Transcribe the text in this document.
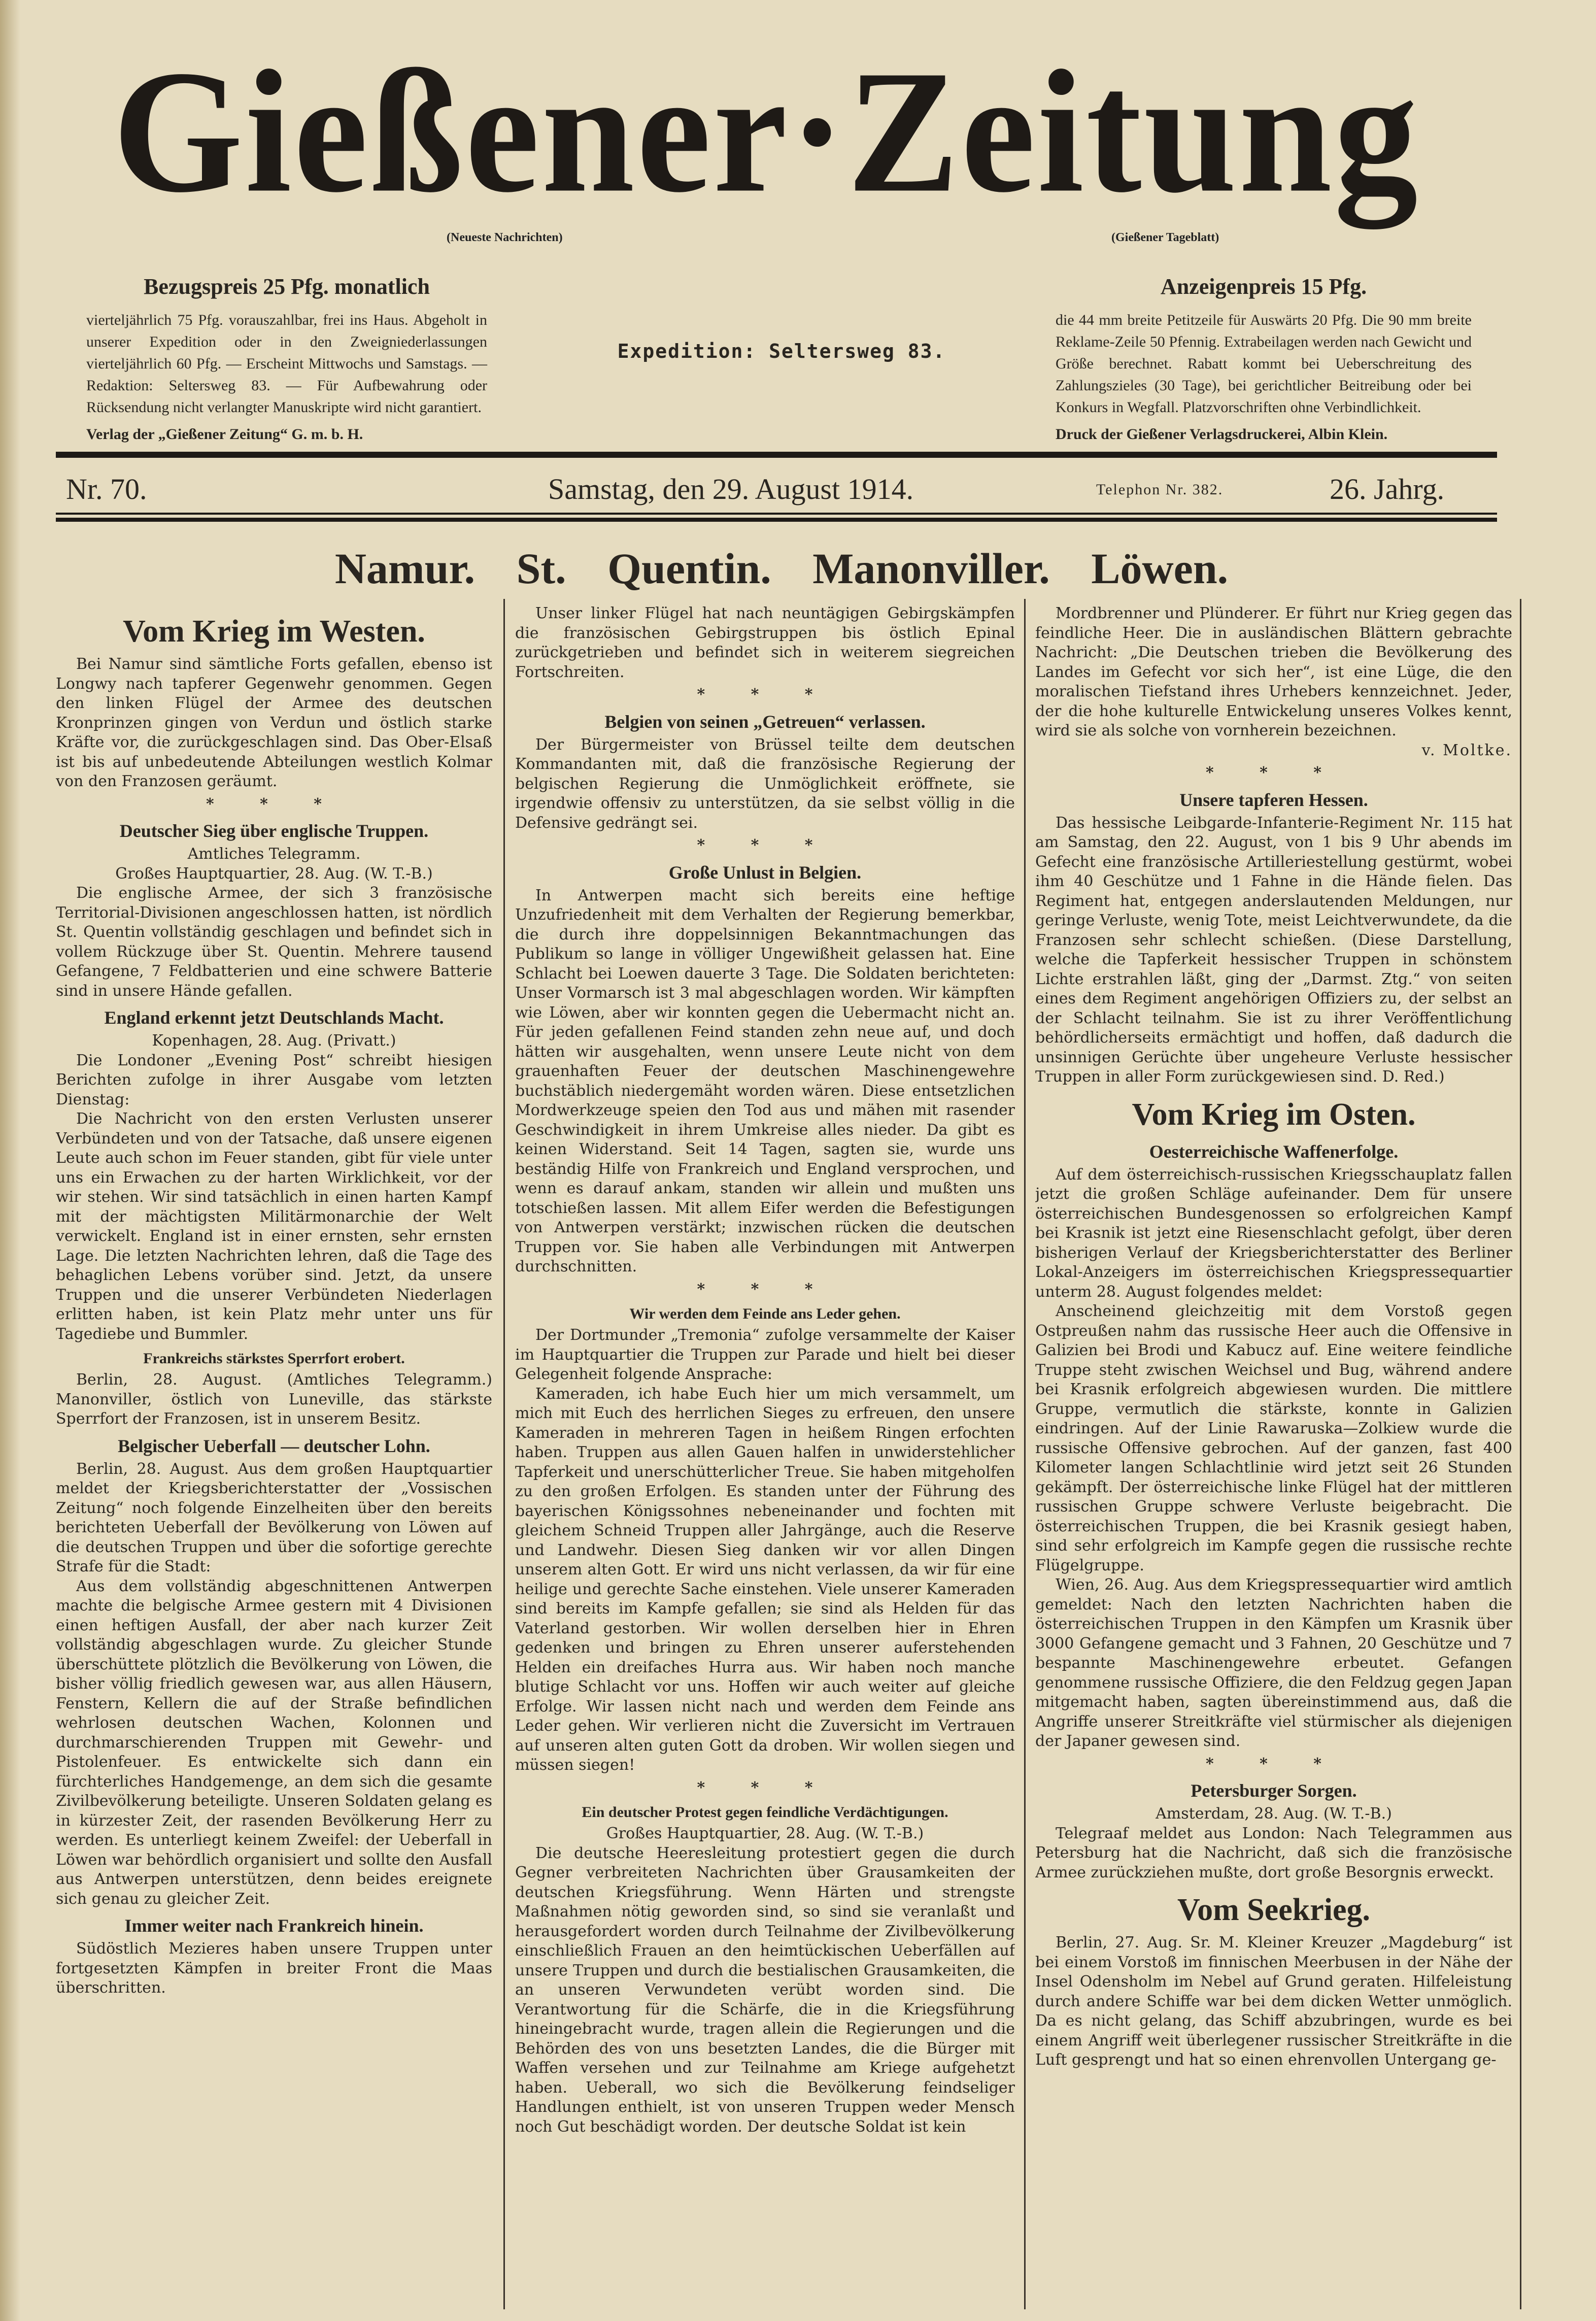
Gießener·Zeitung
(Neueste Nachrichten)	(Gießener Tageblatt)
Bezugspreis 25 Pfg. monatlich
vierteljährlich 75 Pfg. vorauszahlbar, frei ins Haus. Abgeholt in unserer Expedition oder in den Zweigniederlassungen vierteljährlich 60 Pfg. — Erscheint Mittwochs und Samstags. — Redaktion: Seltersweg 83. — Für Aufbewahrung oder Rücksendung nicht verlangter Manuskripte wird nicht garantiert.
Verlag der „Gießener Zeitung“ G. m. b. H.
Expedition: Seltersweg 83.
Anzeigenpreis 15 Pfg.
die 44 mm breite Petitzeile für Auswärts 20 Pfg. Die 90 mm breite Reklame-Zeile 50 Pfennig. Extrabeilagen werden nach Gewicht und Größe berechnet. Rabatt kommt bei Ueberschreitung des Zahlungszieles (30 Tage), bei gerichtlicher Beitreibung oder bei Konkurs in Wegfall. Platzvorschriften ohne Verbindlichkeit.
Druck der Gießener Verlagsdruckerei, Albin Klein.
Nr. 70.	Samstag, den 29. August 1914.	Telephon Nr. 382.	26. Jahrg.
Namur. St. Quentin. Manonviller. Löwen.
Vom Krieg im Westen.

Bei Namur sind sämtliche Forts gefallen, ebenso ist Longwy nach tapferer Gegenwehr genommen. Gegen den linken Flügel der Armee des deutschen Kronprinzen gingen von Verdun und östlich starke Kräfte vor, die zurückgeschlagen sind. Das Ober-Elsaß ist bis auf unbedeutende Abteilungen westlich Kolmar von den Franzosen geräumt.

* * *
Deutscher Sieg über englische Truppen.
Amtliches Telegramm.
Großes Hauptquartier, 28. Aug. (W. T.-B.)

Die englische Armee, der sich 3 französische Territorial-Divisionen angeschlossen hatten, ist nördlich St. Quentin vollständig geschlagen und befindet sich in vollem Rückzuge über St. Quentin. Mehrere tausend Gefangene, 7 Feldbatterien und eine schwere Batterie sind in unsere Hände gefallen.

England erkennt jetzt Deutschlands Macht.
Kopenhagen, 28. Aug. (Privatt.)

Die Londoner „Evening Post“ schreibt hiesigen Berichten zufolge in ihrer Ausgabe vom letzten Dienstag:

Die Nachricht von den ersten Verlusten unserer Verbündeten und von der Tatsache, daß unsere eigenen Leute auch schon im Feuer standen, gibt für viele unter uns ein Erwachen zu der harten Wirklichkeit, vor der wir stehen. Wir sind tatsächlich in einen harten Kampf mit der mächtigsten Militärmonarchie der Welt verwickelt. England ist in einer ernsten, sehr ernsten Lage. Die letzten Nachrichten lehren, daß die Tage des behaglichen Lebens vorüber sind. Jetzt, da unsere Truppen und die unserer Verbündeten Niederlagen erlitten haben, ist kein Platz mehr unter uns für Tagediebe und Bummler.

Frankreichs stärkstes Sperrfort erobert.

Berlin, 28. August. (Amtliches Telegramm.) Manonviller, östlich von Luneville, das stärkste Sperrfort der Franzosen, ist in unserem Besitz.

Belgischer Ueberfall — deutscher Lohn.

Berlin, 28. August. Aus dem großen Hauptquartier meldet der Kriegsberichterstatter der „Vossischen Zeitung“ noch folgende Einzelheiten über den bereits berichteten Ueberfall der Bevölkerung von Löwen auf die deutschen Truppen und über die sofortige gerechte Strafe für die Stadt:

Aus dem vollständig abgeschnittenen Antwerpen machte die belgische Armee gestern mit 4 Divisionen einen heftigen Ausfall, der aber nach kurzer Zeit vollständig abgeschlagen wurde. Zu gleicher Stunde überschüttete plötzlich die Bevölkerung von Löwen, die bisher völlig friedlich gewesen war, aus allen Häusern, Fenstern, Kellern die auf der Straße befindlichen wehrlosen deutschen Wachen, Kolonnen und durchmarschierenden Truppen mit Gewehr- und Pistolenfeuer. Es entwickelte sich dann ein fürchterliches Handgemenge, an dem sich die gesamte Zivilbevölkerung beteiligte. Unseren Soldaten gelang es in kürzester Zeit, der rasenden Bevölkerung Herr zu werden. Es unterliegt keinem Zweifel: der Ueberfall in Löwen war behördlich organisiert und sollte den Ausfall aus Antwerpen unterstützen, denn beides ereignete sich genau zu gleicher Zeit.

Immer weiter nach Frankreich hinein.

Südöstlich Mezieres haben unsere Truppen unter fortgesetzten Kämpfen in breiter Front die Maas überschritten.

Unser linker Flügel hat nach neuntägigen Gebirgskämpfen die französischen Gebirgstruppen bis östlich Epinal zurückgetrieben und befindet sich in weiterem siegreichen Fortschreiten.

* * *
Belgien von seinen „Getreuen“ verlassen.

Der Bürgermeister von Brüssel teilte dem deutschen Kommandanten mit, daß die französische Regierung der belgischen Regierung die Unmöglichkeit eröffnete, sie irgendwie offensiv zu unterstützen, da sie selbst völlig in die Defensive gedrängt sei.

* * *
Große Unlust in Belgien.

In Antwerpen macht sich bereits eine heftige Unzufriedenheit mit dem Verhalten der Regierung bemerkbar, die durch ihre doppelsinnigen Bekanntmachungen das Publikum so lange in völliger Ungewißheit gelassen hat. Eine Schlacht bei Loewen dauerte 3 Tage. Die Soldaten berichteten: Unser Vormarsch ist 3 mal abgeschlagen worden. Wir kämpften wie Löwen, aber wir konnten gegen die Uebermacht nicht an. Für jeden gefallenen Feind standen zehn neue auf, und doch hätten wir ausgehalten, wenn unsere Leute nicht von dem grauenhaften Feuer der deutschen Maschinengewehre buchstäblich niedergemäht worden wären. Diese entsetzlichen Mordwerkzeuge speien den Tod aus und mähen mit rasender Geschwindigkeit in ihrem Umkreise alles nieder. Da gibt es keinen Widerstand. Seit 14 Tagen, sagten sie, wurde uns beständig Hilfe von Frankreich und England versprochen, und wenn es darauf ankam, standen wir allein und mußten uns totschießen lassen. Mit allem Eifer werden die Befestigungen von Antwerpen verstärkt; inzwischen rücken die deutschen Truppen vor. Sie haben alle Verbindungen mit Antwerpen durchschnitten.

* * *
Wir werden dem Feinde ans Leder gehen.

Der Dortmunder „Tremonia“ zufolge versammelte der Kaiser im Hauptquartier die Truppen zur Parade und hielt bei dieser Gelegenheit folgende Ansprache:

Kameraden, ich habe Euch hier um mich versammelt, um mich mit Euch des herrlichen Sieges zu erfreuen, den unsere Kameraden in mehreren Tagen in heißem Ringen erfochten haben. Truppen aus allen Gauen halfen in unwiderstehlicher Tapferkeit und unerschütterlicher Treue. Sie haben mitgeholfen zu den großen Erfolgen. Es standen unter der Führung des bayerischen Königssohnes nebeneinander und fochten mit gleichem Schneid Truppen aller Jahrgänge, auch die Reserve und Landwehr. Diesen Sieg danken wir vor allen Dingen unserem alten Gott. Er wird uns nicht verlassen, da wir für eine heilige und gerechte Sache einstehen. Viele unserer Kameraden sind bereits im Kampfe gefallen; sie sind als Helden für das Vaterland gestorben. Wir wollen derselben hier in Ehren gedenken und bringen zu Ehren unserer auferstehenden Helden ein dreifaches Hurra aus. Wir haben noch manche blutige Schlacht vor uns. Hoffen wir auch weiter auf gleiche Erfolge. Wir lassen nicht nach und werden dem Feinde ans Leder gehen. Wir verlieren nicht die Zuversicht im Vertrauen auf unseren alten guten Gott da droben. Wir wollen siegen und müssen siegen!

* * *
Ein deutscher Protest gegen feindliche Verdächtigungen.
Großes Hauptquartier, 28. Aug. (W. T.-B.)

Die deutsche Heeresleitung protestiert gegen die durch Gegner verbreiteten Nachrichten über Grausamkeiten der deutschen Kriegsführung. Wenn Härten und strengste Maßnahmen nötig geworden sind, so sind sie veranlaßt und herausgefordert worden durch Teilnahme der Zivilbevölkerung einschließlich Frauen an den heimtückischen Ueberfällen auf unsere Truppen und durch die bestialischen Grausamkeiten, die an unseren Verwundeten verübt worden sind. Die Verantwortung für die Schärfe, die in die Kriegsführung hineingebracht wurde, tragen allein die Regierungen und die Behörden des von uns besetzten Landes, die die Bürger mit Waffen versehen und zur Teilnahme am Kriege aufgehetzt haben. Ueberall, wo sich die Bevölkerung feindseliger Handlungen enthielt, ist von unseren Truppen weder Mensch noch Gut beschädigt worden. Der deutsche Soldat ist kein

Mordbrenner und Plünderer. Er führt nur Krieg gegen das feindliche Heer. Die in ausländischen Blättern gebrachte Nachricht: „Die Deutschen trieben die Bevölkerung des Landes im Gefecht vor sich her“, ist eine Lüge, die den moralischen Tiefstand ihres Urhebers kennzeichnet. Jeder, der die hohe kulturelle Entwickelung unseres Volkes kennt, wird sie als solche von vornherein bezeichnen.

v. Moltke.
* * *
Unsere tapferen Hessen.

Das hessische Leibgarde-Infanterie-Regiment Nr. 115 hat am Samstag, den 22. August, von 1 bis 9 Uhr abends im Gefecht eine französische Artilleriestellung gestürmt, wobei ihm 40 Geschütze und 1 Fahne in die Hände fielen. Das Regiment hat, entgegen anderslautenden Meldungen, nur geringe Verluste, wenig Tote, meist Leichtverwundete, da die Franzosen sehr schlecht schießen. (Diese Darstellung, welche die Tapferkeit hessischer Truppen in schönstem Lichte erstrahlen läßt, ging der „Darmst. Ztg.“ von seiten eines dem Regiment angehörigen Offiziers zu, der selbst an der Schlacht teilnahm. Sie ist zu ihrer Veröffentlichung behördlicherseits ermächtigt und hoffen, daß dadurch die unsinnigen Gerüchte über ungeheure Verluste hessischer Truppen in aller Form zurückgewiesen sind. D. Red.)

Vom Krieg im Osten.
Oesterreichische Waffenerfolge.

Auf dem österreichisch-russischen Kriegsschauplatz fallen jetzt die großen Schläge aufeinander. Dem für unsere österreichischen Bundesgenossen so erfolgreichen Kampf bei Krasnik ist jetzt eine Riesenschlacht gefolgt, über deren bisherigen Verlauf der Kriegsberichterstatter des Berliner Lokal-Anzeigers im österreichischen Kriegspressequartier unterm 28. August folgendes meldet:

Anscheinend gleichzeitig mit dem Vorstoß gegen Ostpreußen nahm das russische Heer auch die Offensive in Galizien bei Brodi und Kabucz auf. Eine weitere feindliche Truppe steht zwischen Weichsel und Bug, während andere bei Krasnik erfolgreich abgewiesen wurden. Die mittlere Gruppe, vermutlich die stärkste, konnte in Galizien eindringen. Auf der Linie Rawaruska—Zolkiew wurde die russische Offensive gebrochen. Auf der ganzen, fast 400 Kilometer langen Schlachtlinie wird jetzt seit 26 Stunden gekämpft. Der österreichische linke Flügel hat der mittleren russischen Gruppe schwere Verluste beigebracht. Die österreichischen Truppen, die bei Krasnik gesiegt haben, sind sehr erfolgreich im Kampfe gegen die russische rechte Flügelgruppe.

Wien, 26. Aug. Aus dem Kriegspressequartier wird amtlich gemeldet: Nach den letzten Nachrichten haben die österreichischen Truppen in den Kämpfen um Krasnik über 3000 Gefangene gemacht und 3 Fahnen, 20 Geschütze und 7 bespannte Maschinengewehre erbeutet. Gefangen genommene russische Offiziere, die den Feldzug gegen Japan mitgemacht haben, sagten übereinstimmend aus, daß die Angriffe unserer Streitkräfte viel stürmischer als diejenigen der Japaner gewesen sind.

* * *
Petersburger Sorgen.
Amsterdam, 28. Aug. (W. T.-B.)

Telegraaf meldet aus London: Nach Telegrammen aus Petersburg hat die Nachricht, daß sich die französische Armee zurückziehen mußte, dort große Besorgnis erweckt.

Vom Seekrieg.

Berlin, 27. Aug. Sr. M. Kleiner Kreuzer „Magdeburg“ ist bei einem Vorstoß im finnischen Meerbusen in der Nähe der Insel Odensholm im Nebel auf Grund geraten. Hilfeleistung durch andere Schiffe war bei dem dicken Wetter unmöglich. Da es nicht gelang, das Schiff abzubringen, wurde es bei einem Angriff weit überlegener russischer Streitkräfte in die Luft gesprengt und hat so einen ehrenvollen Untergang ge-
